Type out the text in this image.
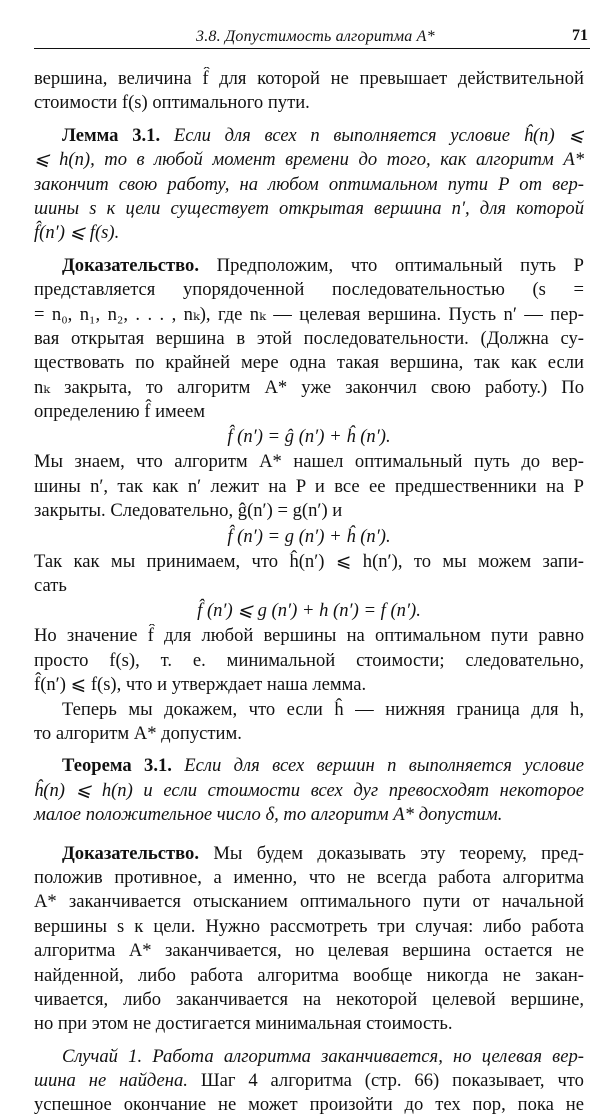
3.8. Допустимость алгоритма A*	71
вершина, величина f̂ для которой не превышает действительной
стоимости f(s) оптимального пути.
Лемма 3.1. Если для всех n выполняется условие ĥ(n) ⩽
⩽ h(n), то в любой момент времени до того, как алгоритм A*
закончит свою работу, на любом оптимальном пути P от вер-
шины s к цели существует открытая вершина n′, для которой
f̂(n′) ⩽ f(s).
Доказательство. Предположим, что оптимальный путь P
представляется упорядоченной последовательностью (s =
= n₀, n₁, n₂, . . . , nₖ), где nₖ — целевая вершина. Пусть n′ — пер-
вая открытая вершина в этой последовательности. (Должна су-
ществовать по крайней мере одна такая вершина, так как если
nₖ закрыта, то алгоритм A* уже закончил свою работу.) По
определению f̂ имеем
f̂ (n′) = ĝ (n′) + ĥ (n′).
Мы знаем, что алгоритм A* нашел оптимальный путь до вер-
шины n′, так как n′ лежит на P и все ее предшественники на P
закрыты. Следовательно, ĝ(n′) = g(n′) и
f̂ (n′) = g (n′) + ĥ (n′).
Так как мы принимаем, что ĥ(n′) ⩽ h(n′), то мы можем запи-
сать
f̂ (n′) ⩽ g (n′) + h (n′) = f (n′).
Но значение f̂ для любой вершины на оптимальном пути равно
просто f(s), т. е. минимальной стоимости; следовательно,
f̂(n′) ⩽ f(s), что и утверждает наша лемма.
Теперь мы докажем, что если ĥ — нижняя граница для h,
то алгоритм A* допустим.
Теорема 3.1. Если для всех вершин n выполняется условие
ĥ(n) ⩽ h(n) и если стоимости всех дуг превосходят некоторое
малое положительное число δ, то алгоритм A* допустим.
Доказательство. Мы будем доказывать эту теорему, пред-
положив противное, а именно, что не всегда работа алгоритма
A* заканчивается отысканием оптимального пути от начальной
вершины s к цели. Нужно рассмотреть три случая: либо работа
алгоритма A* заканчивается, но целевая вершина остается не
найденной, либо работа алгоритма вообще никогда не закан-
чивается, либо заканчивается на некоторой целевой вершине,
но при этом не достигается минимальная стоимость.
Случай 1. Работа алгоритма заканчивается, но целевая вер-
шина не найдена. Шаг 4 алгоритма (стр. 66) показывает, что
успешное окончание не может произойти до тех пор, пока не
